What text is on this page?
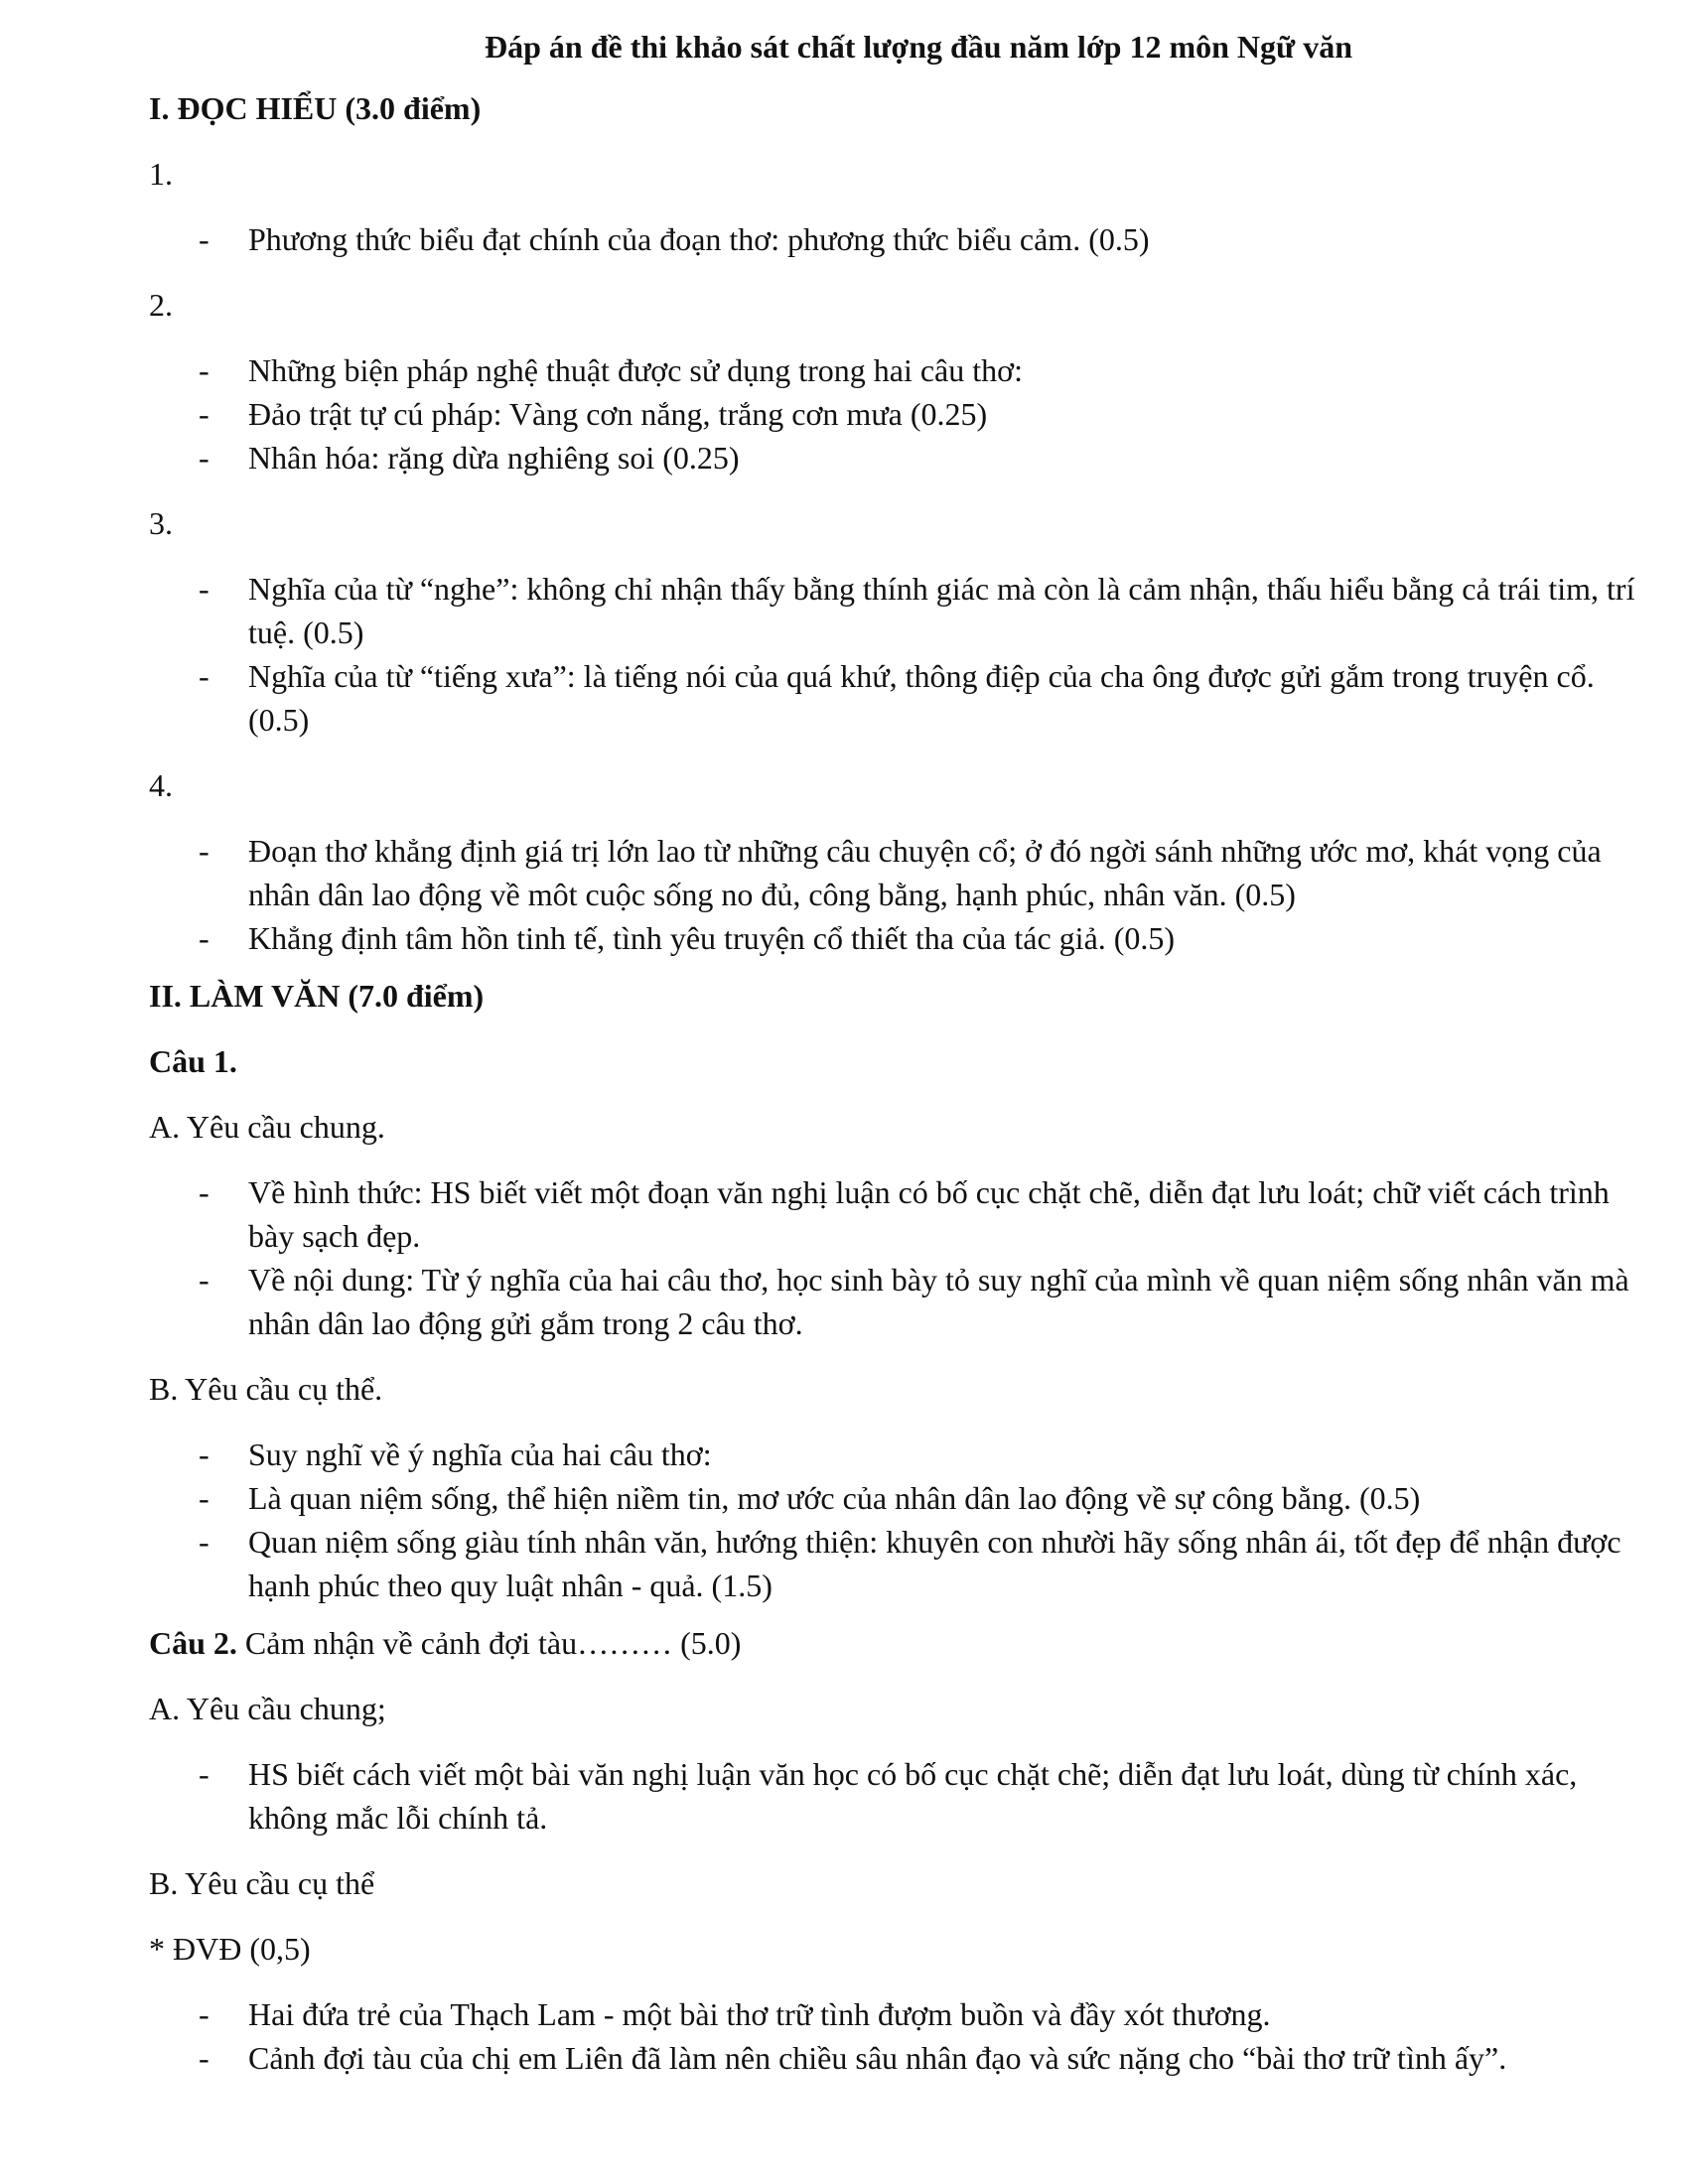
Đáp án đề thi khảo sát chất lượng đầu năm lớp 12 môn Ngữ văn
I. ĐỌC HIỂU (3.0 điểm)
1.
- Phương thức biểu đạt chính của đoạn thơ: phương thức biểu cảm. (0.5)
2.
- Những biện pháp nghệ thuật được sử dụng trong hai câu thơ:
- Đảo trật tự cú pháp: Vàng cơn nắng, trắng cơn mưa (0.25)
- Nhân hóa: rặng dừa nghiêng soi (0.25)
3.
- Nghĩa của từ “nghe”: không chỉ nhận thấy bằng thính giác mà còn là cảm nhận, thấu hiểu bằng cả trái tim, trí tuệ. (0.5)
- Nghĩa của từ “tiếng xưa”: là tiếng nói của quá khứ, thông điệp của cha ông được gửi gắm trong truyện cổ. (0.5)
4.
- Đoạn thơ khẳng định giá trị lớn lao từ những câu chuyện cổ; ở đó ngời sánh những ước mơ, khát vọng của nhân dân lao động về môt cuộc sống no đủ, công bằng, hạnh phúc, nhân văn. (0.5)
- Khẳng định tâm hồn tinh tế, tình yêu truyện cổ thiết tha của tác giả. (0.5)
II. LÀM VĂN (7.0 điểm)
Câu 1.
A. Yêu cầu chung.
- Về hình thức: HS biết viết một đoạn văn nghị luận có bố cục chặt chẽ, diễn đạt lưu loát; chữ viết cách trình bày sạch đẹp.
- Về nội dung: Từ ý nghĩa của hai câu thơ, học sinh bày tỏ suy nghĩ của mình về quan niệm sống nhân văn mà nhân dân lao động gửi gắm trong 2 câu thơ.
B. Yêu cầu cụ thể.
- Suy nghĩ về ý nghĩa của hai câu thơ:
- Là quan niệm sống, thể hiện niềm tin, mơ ước của nhân dân lao động về sự công bằng. (0.5)
- Quan niệm sống giàu tính nhân văn, hướng thiện: khuyên con nhười hãy sống nhân ái, tốt đẹp để nhận được hạnh phúc theo quy luật nhân - quả. (1.5)
Câu 2. Cảm nhận về cảnh đợi tàu……… (5.0)
A. Yêu cầu chung;
- HS biết cách viết một bài văn nghị luận văn học có bố cục chặt chẽ; diễn đạt lưu loát, dùng từ chính xác, không mắc lỗi chính tả.
B. Yêu cầu cụ thể
* ĐVĐ (0,5)
- Hai đứa trẻ của Thạch Lam - một bài thơ trữ tình đượm buồn và đầy xót thương.
- Cảnh đợi tàu của chị em Liên đã làm nên chiều sâu nhân đạo và sức nặng cho “bài thơ trữ tình ấy”.
